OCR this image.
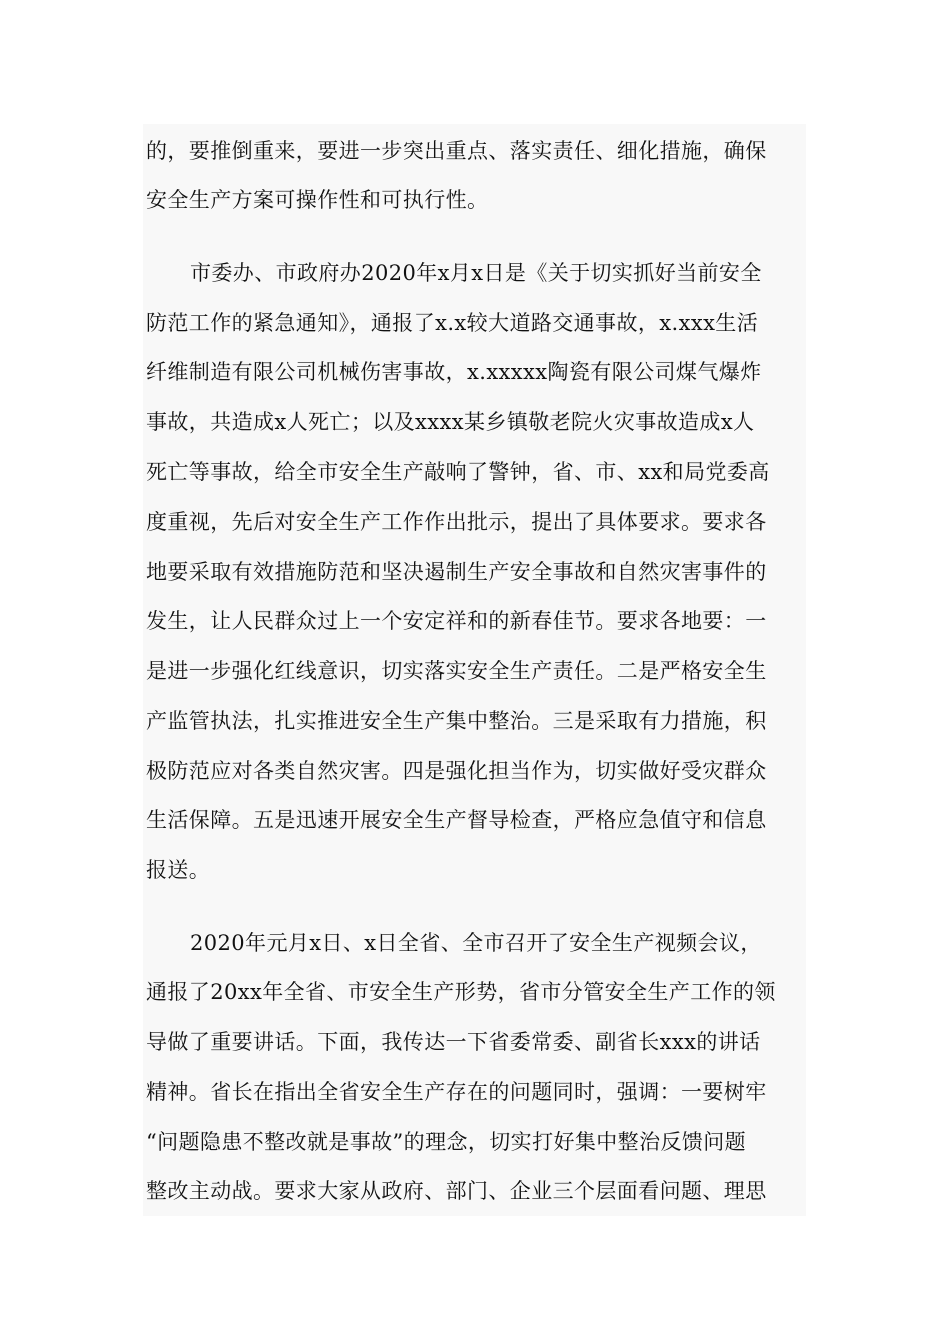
的，要推倒重来，要进一步突出重点、落实责任、细化措施，确保
安全生产方案可操作性和可执行性。
市委办、市政府办2020年x月x日是《关于切实抓好当前安全
防范工作的紧急通知》，通报了x.x较大道路交通事故，x.xxx生活
纤维制造有限公司机械伤害事故，x.xxxxx陶瓷有限公司煤气爆炸
事故，共造成x人死亡；以及xxxx某乡镇敬老院火灾事故造成x人
死亡等事故，给全市安全生产敲响了警钟，省、市、xx和局党委高
度重视，先后对安全生产工作作出批示，提出了具体要求。要求各
地要采取有效措施防范和坚决遏制生产安全事故和自然灾害事件的
发生，让人民群众过上一个安定祥和的新春佳节。要求各地要：一
是进一步强化红线意识，切实落实安全生产责任。二是严格安全生
产监管执法，扎实推进安全生产集中整治。三是采取有力措施，积
极防范应对各类自然灾害。四是强化担当作为，切实做好受灾群众
生活保障。五是迅速开展安全生产督导检查，严格应急值守和信息
报送。
2020年元月x日、x日全省、全市召开了安全生产视频会议，
通报了20xx年全省、市安全生产形势，省市分管安全生产工作的领
导做了重要讲话。下面，我传达一下省委常委、副省长xxx的讲话
精神。省长在指出全省安全生产存在的问题同时，强调：一要树牢
“问题隐患不整改就是事故”的理念，切实打好集中整治反馈问题
整改主动战。要求大家从政府、部门、企业三个层面看问题、理思
